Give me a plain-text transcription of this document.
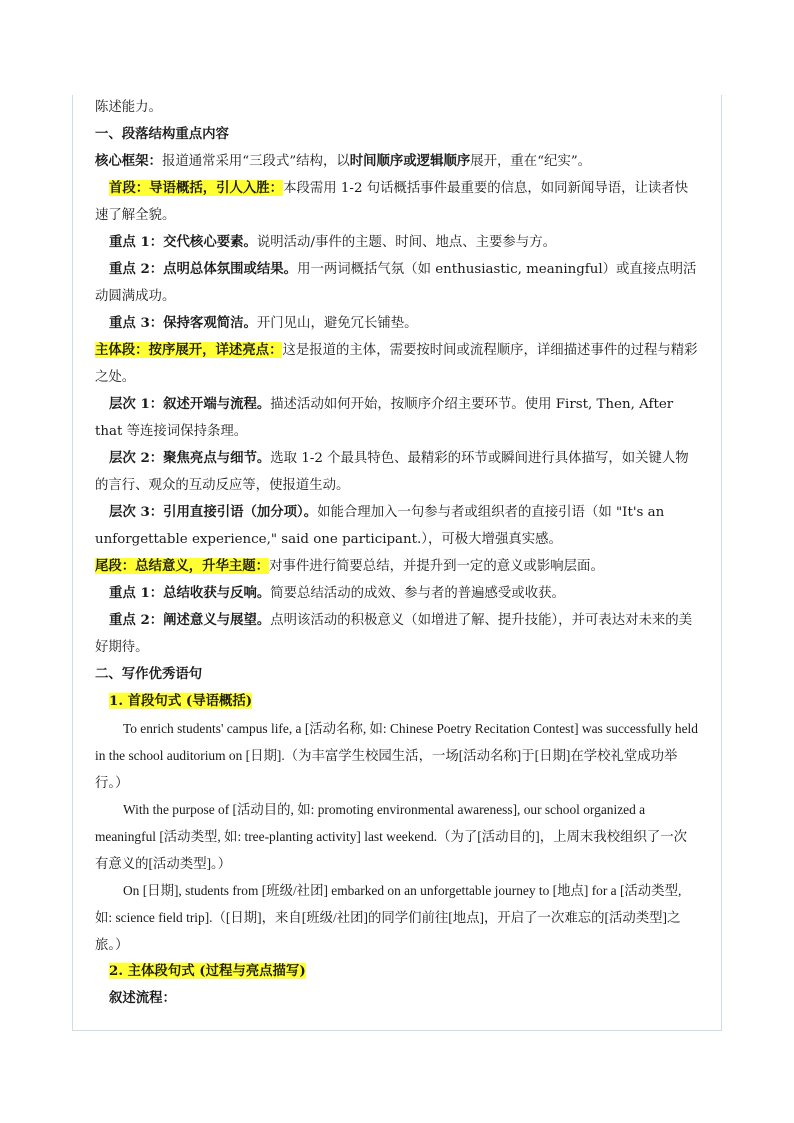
陈述能力。

一、段落结构重点内容

核心框架：报道通常采用“三段式”结构，以时间顺序或逻辑顺序展开，重在“纪实”。

首段：导语概括，引人入胜：本段需用 1-2 句话概括事件最重要的信息，如同新闻导语，让读者快速了解全貌。

重点 1：交代核心要素。说明活动/事件的主题、时间、地点、主要参与方。

重点 2：点明总体氛围或结果。用一两词概括气氛（如 enthusiastic, meaningful）或直接点明活动圆满成功。

重点 3：保持客观简洁。开门见山，避免冗长铺垫。

主体段：按序展开，详述亮点：这是报道的主体，需要按时间或流程顺序，详细描述事件的过程与精彩之处。

层次 1：叙述开端与流程。描述活动如何开始，按顺序介绍主要环节。使用 First, Then, After that 等连接词保持条理。

层次 2：聚焦亮点与细节。选取 1-2 个最具特色、最精彩的环节或瞬间进行具体描写，如关键人物的言行、观众的互动反应等，使报道生动。

层次 3：引用直接引语（加分项）。如能合理加入一句参与者或组织者的直接引语（如 "It's an unforgettable experience," said one participant.），可极大增强真实感。

尾段：总结意义，升华主题：对事件进行简要总结，并提升到一定的意义或影响层面。

重点 1：总结收获与反响。简要总结活动的成效、参与者的普遍感受或收获。

重点 2：阐述意义与展望。点明该活动的积极意义（如增进了解、提升技能），并可表达对未来的美好期待。

二、写作优秀语句

1. 首段句式 (导语概括)

To enrich students' campus life, a [活动名称, 如: Chinese Poetry Recitation Contest] was successfully held in the school auditorium on [日期].（为丰富学生校园生活，一场[活动名称]于[日期]在学校礼堂成功举行。）

With the purpose of [活动目的, 如: promoting environmental awareness], our school organized a meaningful [活动类型, 如: tree-planting activity] last weekend.（为了[活动目的]，上周末我校组织了一次有意义的[活动类型]。）

On [日期], students from [班级/社团] embarked on an unforgettable journey to [地点] for a [活动类型, 如: science field trip].（[日期]，来自[班级/社团]的同学们前往[地点]，开启了一次难忘的[活动类型]之旅。）

2. 主体段句式 (过程与亮点描写)

叙述流程：
